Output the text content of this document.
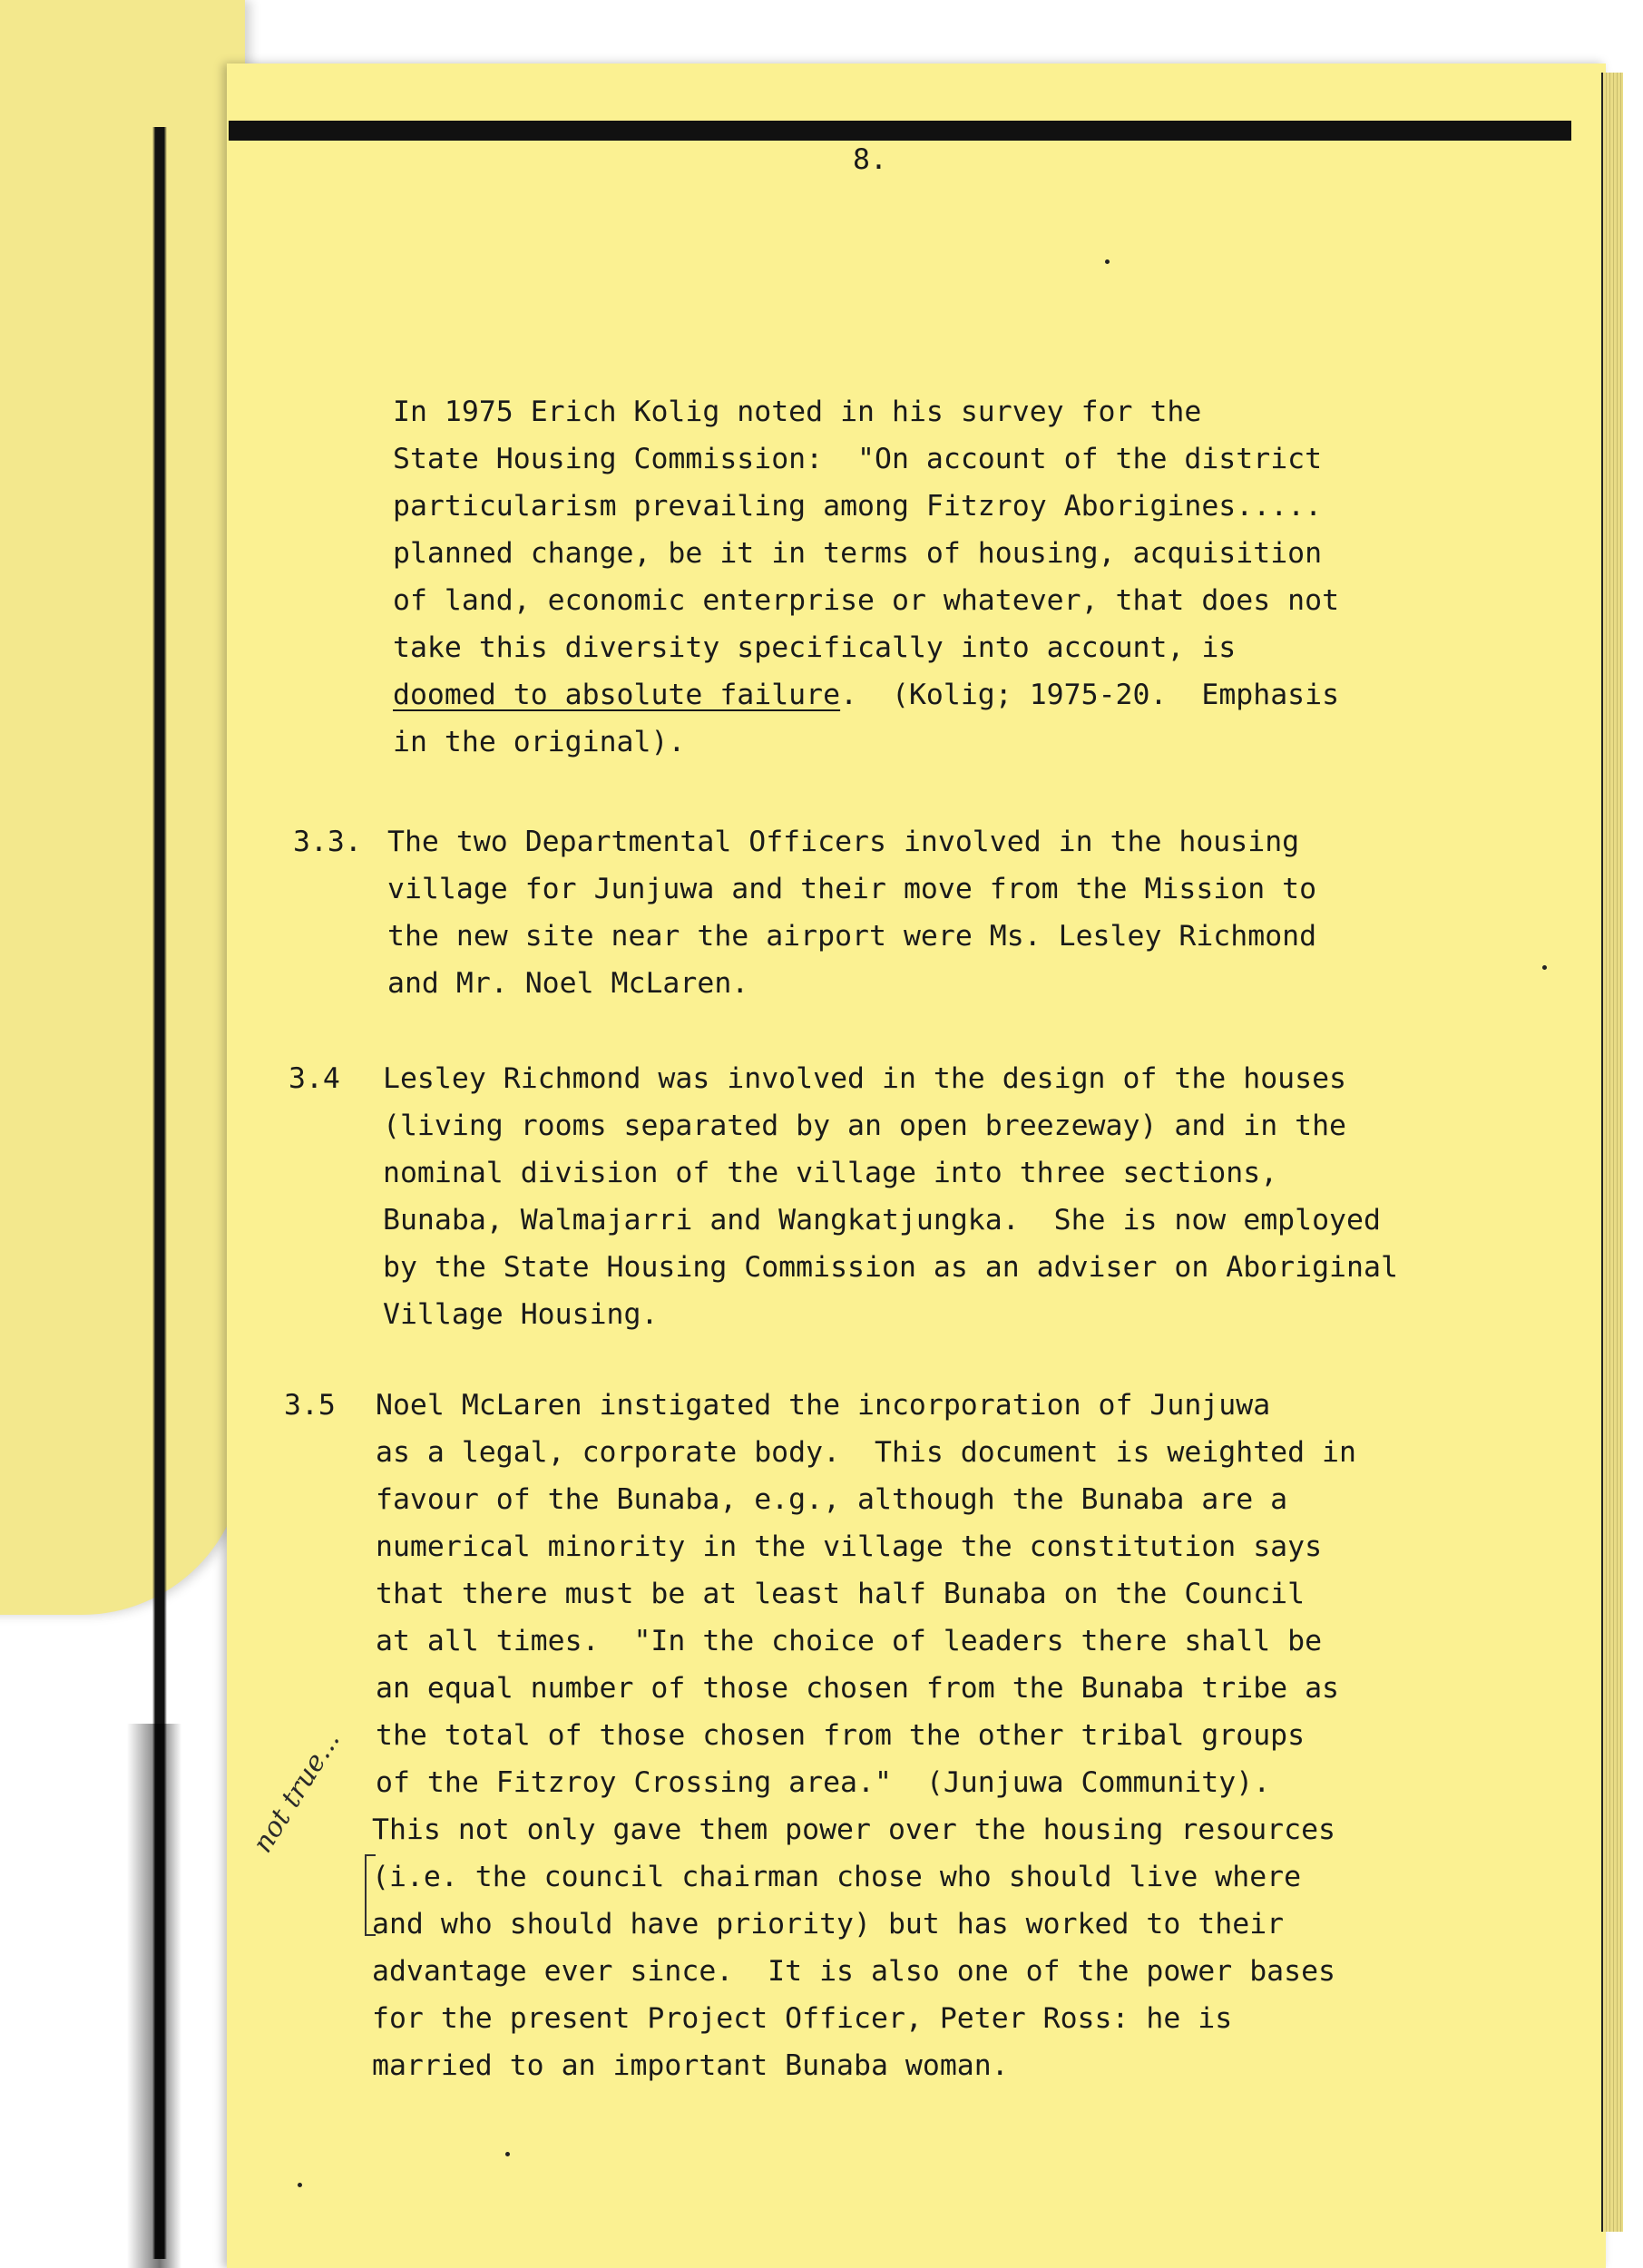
8.
In 1975 Erich Kolig noted in his survey for the
State Housing Commission:  "On account of the district
particularism prevailing among Fitzroy Aborigines.....
planned change, be it in terms of housing, acquisition
of land, economic enterprise or whatever, that does not
take this diversity specifically into account, is
doomed to absolute failure.  (Kolig; 1975-20.  Emphasis
in the original).
3.3. The two Departmental Officers involved in the housing
village for Junjuwa and their move from the Mission to
the new site near the airport were Ms. Lesley Richmond
and Mr. Noel McLaren.
3.4 Lesley Richmond was involved in the design of the houses
(living rooms separated by an open breezeway) and in the
nominal division of the village into three sections,
Bunaba, Walmajarri and Wangkatjungka.  She is now employed
by the State Housing Commission as an adviser on Aboriginal
Village Housing.
3.5 Noel McLaren instigated the incorporation of Junjuwa
as a legal, corporate body.  This document is weighted in
favour of the Bunaba, e.g., although the Bunaba are a
numerical minority in the village the constitution says
that there must be at least half Bunaba on the Council
at all times.  "In the choice of leaders there shall be
an equal number of those chosen from the Bunaba tribe as
the total of those chosen from the other tribal groups
of the Fitzroy Crossing area."  (Junjuwa Community).
This not only gave them power over the housing resources
(i.e. the council chairman chose who should live where
and who should have priority) but has worked to their
advantage ever since.  It is also one of the power bases
for the present Project Officer, Peter Ross: he is
married to an important Bunaba woman.
not true...
